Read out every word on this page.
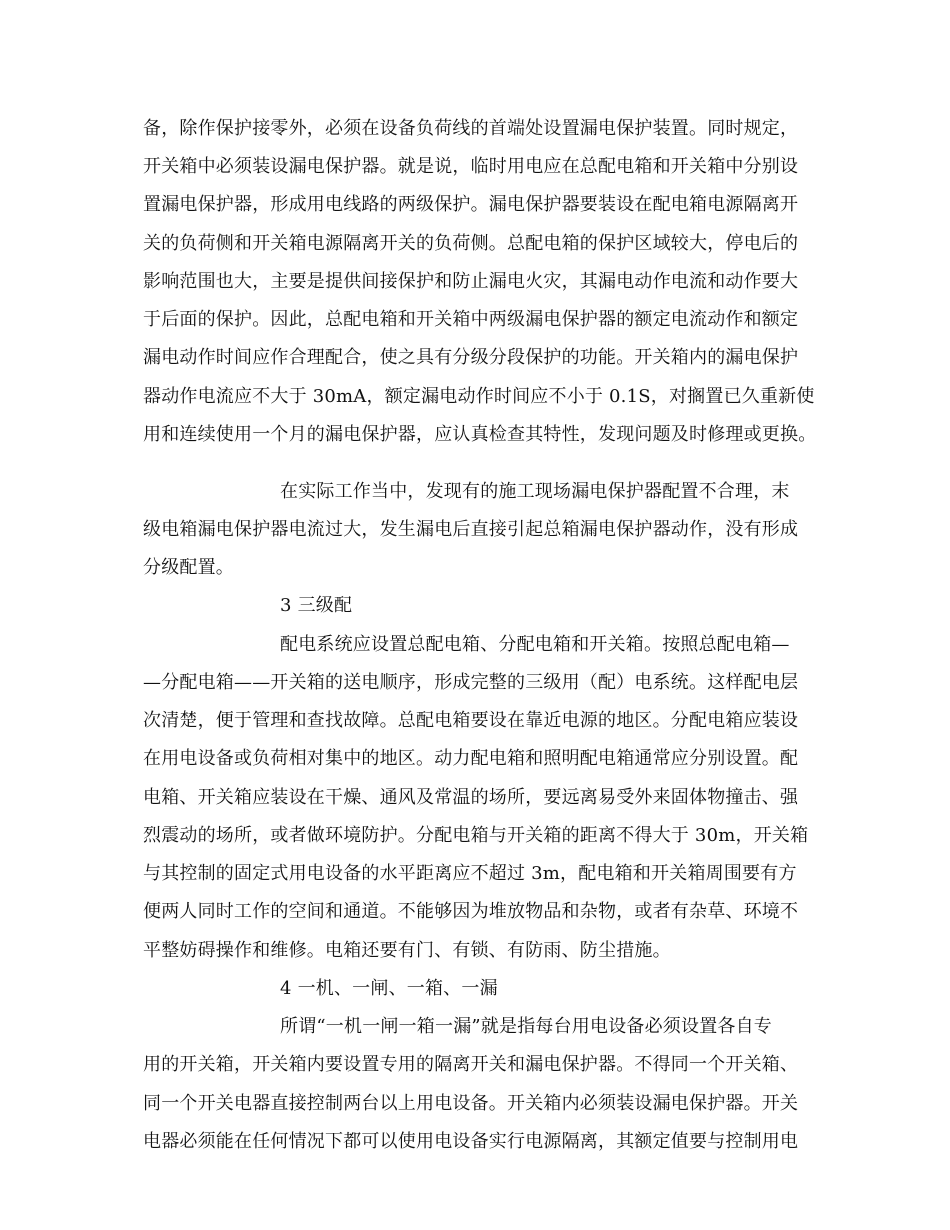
备，除作保护接零外，必须在设备负荷线的首端处设置漏电保护装置。同时规定，
开关箱中必须装设漏电保护器。就是说，临时用电应在总配电箱和开关箱中分别设
置漏电保护器，形成用电线路的两级保护。漏电保护器要装设在配电箱电源隔离开
关的负荷侧和开关箱电源隔离开关的负荷侧。总配电箱的保护区域较大，停电后的
影响范围也大，主要是提供间接保护和防止漏电火灾，其漏电动作电流和动作要大
于后面的保护。因此，总配电箱和开关箱中两级漏电保护器的额定电流动作和额定
漏电动作时间应作合理配合，使之具有分级分段保护的功能。开关箱内的漏电保护
器动作电流应不大于 30mA，额定漏电动作时间应不小于 0.1S，对搁置已久重新使
用和连续使用一个月的漏电保护器，应认真检查其特性，发现问题及时修理或更换。
在实际工作当中，发现有的施工现场漏电保护器配置不合理，末
级电箱漏电保护器电流过大，发生漏电后直接引起总箱漏电保护器动作，没有形成
分级配置。
3 三级配
配电系统应设置总配电箱、分配电箱和开关箱。按照总配电箱—
—分配电箱——开关箱的送电顺序，形成完整的三级用（配）电系统。这样配电层
次清楚，便于管理和查找故障。总配电箱要设在靠近电源的地区。分配电箱应装设
在用电设备或负荷相对集中的地区。动力配电箱和照明配电箱通常应分别设置。配
电箱、开关箱应装设在干燥、通风及常温的场所，要远离易受外来固体物撞击、强
烈震动的场所，或者做环境防护。分配电箱与开关箱的距离不得大于 30m，开关箱
与其控制的固定式用电设备的水平距离应不超过 3m，配电箱和开关箱周围要有方
便两人同时工作的空间和通道。不能够因为堆放物品和杂物，或者有杂草、环境不
平整妨碍操作和维修。电箱还要有门、有锁、有防雨、防尘措施。
4 一机、一闸、一箱、一漏
所谓“一机一闸一箱一漏”就是指每台用电设备必须设置各自专
用的开关箱，开关箱内要设置专用的隔离开关和漏电保护器。不得同一个开关箱、
同一个开关电器直接控制两台以上用电设备。开关箱内必须装设漏电保护器。开关
电器必须能在任何情况下都可以使用电设备实行电源隔离，其额定值要与控制用电
